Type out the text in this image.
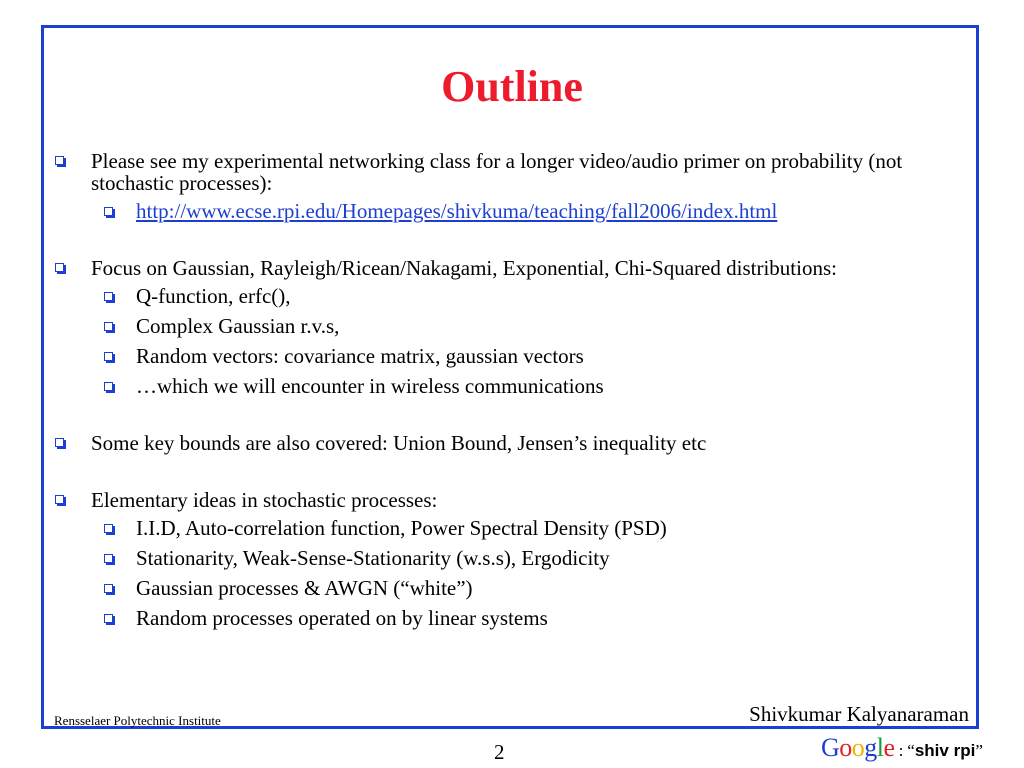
Outline

Please see my experimental networking class for a longer video/audio primer on probability (not stochastic processes):

http://www.ecse.rpi.edu/Homepages/shivkuma/teaching/fall2006/index.html

Focus on Gaussian, Rayleigh/Ricean/Nakagami, Exponential, Chi-Squared distributions:

Q-function, erfc(),
Complex Gaussian r.v.s,
Random vectors: covariance matrix, gaussian vectors
…which we will encounter in wireless communications

Some key bounds are also covered: Union Bound, Jensen’s inequality etc

Elementary ideas in stochastic processes:

I.I.D, Auto-correlation function, Power Spectral Density (PSD)
Stationarity, Weak-Sense-Stationarity (w.s.s), Ergodicity
Gaussian processes & AWGN (“white”)
Random processes operated on by linear systems
Rensselaer Polytechnic Institute	Shivkumar Kalyanaraman
2	Google : “ shiv rpi ”
